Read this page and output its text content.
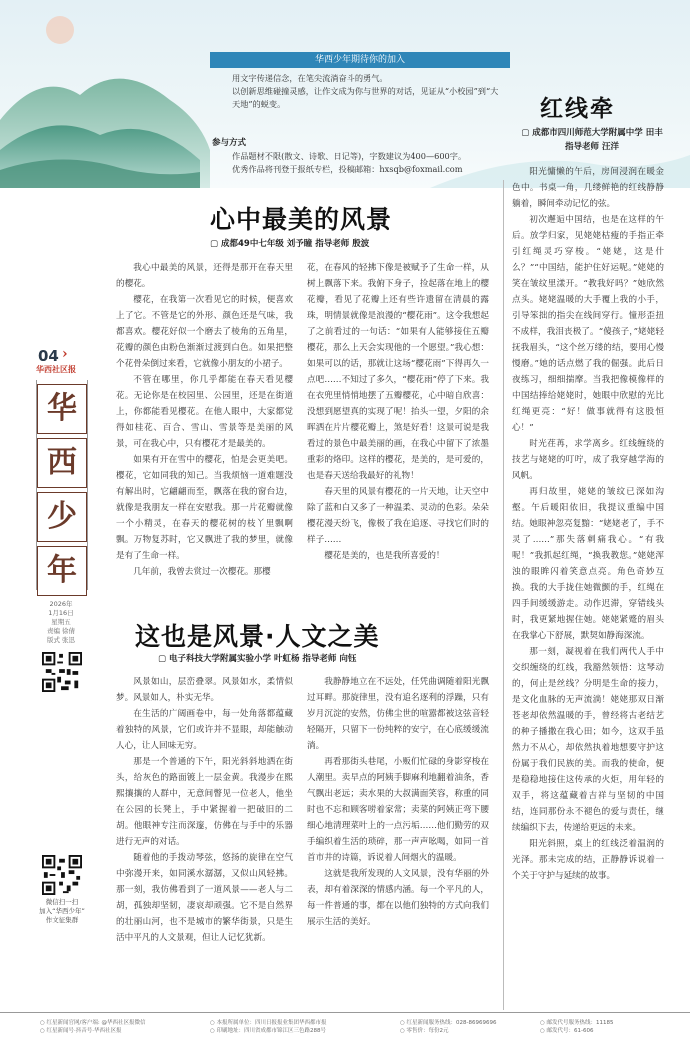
华西少年期待你的加入

用文字传递信念，在笔尖流淌奋斗的勇气。

以创新思维碰撞灵感，让作文成为你与世界的对话，见证从“小校园”到“大天地”的蜕变。

参与方式

作品题材不限(散文、诗歌、日记等)，字数建议为400—600字。

优秀作品将刊登于报纸专栏，投稿邮箱：hxsqb@foxmail.com

红线牵
▢ 成都市四川师范大学附属中学 田丰
指导老师 汪洋
04 ›
华西社区报
华
西
少
年
2026年
1月16日
星期五
责编 徐倩
版式 张迅
微信扫一扫
加入“华西少年”
作文征集群
心中最美的风景
▢ 成都49中七年级 刘予瞳 指导老师 殷波

我心中最美的风景，还得是那开在春天里的樱花。

樱花，在我第一次看见它的时候，便喜欢上了它。不管是它的外形、颜色还是气味，我都喜欢。樱花好似一个磨去了棱角的五角星，花瓣的颜色由粉色渐渐过渡到白色。如果把整个花骨朵倒过来看，它就像小朋友的小裙子。

不管在哪里，你几乎都能在春天看见樱花。无论你是在校园里、公园里，还是在街道上，你都能看见樱花。在他人眼中，大家都觉得如桂花、百合、雪山、雪景等是美丽的风景，可在我心中，只有樱花才是最美的。

如果有开在雪中的樱花，怕是会更美吧。樱花，它如同我的知己。当我烦恼一道难题没有解出时，它翩翩而至，飘落在我的窗台边，就像是我朋友一样在安慰我。那一片花瓣就像一个小精灵，在春天的樱花树的枝丫里飘啊飘。万物复苏时，它又飘进了我的梦里，就像是有了生命一样。

几年前，我曾去赏过一次樱花。那樱

花，在春风的轻拂下像是被赋予了生命一样，从树上飘落下来。我俯下身子，捡起落在地上的樱花瓣，看见了花瓣上还有些许遗留在清晨的露珠，明情景就像是浪漫的“樱花雨”。这令我想起了之前看过的一句话：“如果有人能够接住五瓣樱花，那么上天会实现他的一个愿望。”我心想：如果可以的话，那就让这场“樱花雨”下得再久一点吧……不知过了多久，“樱花雨”停了下来。我在衣兜里悄悄地摆了五瓣樱花，心中暗自欣喜：没想到愿望真的实现了呢！抬头一望，夕阳的余晖洒在片片樱花瓣上，煞是好看！这景可说是我看过的景色中最美丽的画，在我心中留下了浓墨重彩的烙印。这样的樱花，是美的，是可爱的，也是春天送给我最好的礼物！

春天里的风景有樱花的一片天地，让天空中除了蓝和白又多了一种温柔、灵动的色彩。朵朵樱花漫天纷飞，像极了我在追逐、寻找它们时的样子……

樱花是美的，也是我所喜爱的！

这也是风景·人文之美
▢ 电子科技大学附属实验小学 叶虹杨 指导老师 向钰

风景如山，层峦叠翠。风景如水，柔情似梦。风景如人，朴实无华。

在生活的广阔画卷中，每一处角落都蕴藏着独特的风景，它们或许并不显眼，却能触动人心，让人回味无穷。

那是一个普通的下午，阳光斜斜地洒在街头，给灰色的路面镀上一层金黄。我漫步在熙熙攘攘的人群中，无意间瞥见一位老人，他坐在公园的长凳上，手中紧握着一把破旧的二胡。他眼神专注而深邃，仿佛在与手中的乐器进行无声的对话。

随着他的手拨动琴弦，悠扬的旋律在空气中弥漫开来，如同溪水潺潺，又似山风轻拂。那一刻，我仿佛看到了一道风景——老人与二胡，孤独却坚韧，凄哀却顽强。它不是自然界的壮丽山河，也不是城市的繁华街景，只是生活中平凡的人文景观，但让人记忆犹新。

我静静地立在不远处，任凭曲调随着阳光飘过耳畔。那旋律里，没有追名逐利的浮躁，只有岁月沉淀的安然，仿佛尘世的喧嚣都被这弦音轻轻隔开，只留下一份纯粹的安宁，在心底缓缓流淌。

再看那街头巷尾，小贩们忙碌的身影穿梭在人潮里。卖早点的阿姨手脚麻利地翻着油条，香气飘出老远；卖水果的大叔满面笑容，称重的同时也不忘和顾客唠着家常；卖菜的阿姨正弯下腰细心地清理菜叶上的一点污垢……他们勤劳的双手编织着生活的琐碎，那一声声吆喝，如同一首首市井的诗篇，诉说着人间烟火的温暖。

这就是我所发现的人文风景，没有华丽的外表，却有着深深的情感内涵。每一个平凡的人，每一件普通的事，都在以他们独特的方式向我们展示生活的美好。

阳光慵懒的午后，房间浸润在暖金色中。书桌一角，几缕鲜艳的红线静静躺着，瞬间牵动记忆的弦。

初次邂逅中国结，也是在这样的午后。放学归家，见姥姥枯瘦的手指正牵引红绳灵巧穿梭。“姥姥，这是什么？”“中国结，能护住好运呢。”姥姥的笑在皱纹里漾开。“教我好吗？”她欣然点头。姥姥温暖的大手覆上我的小手，引导笨拙的指尖在线间穿行。憧形歪扭不成样，我泪丧极了。“傻孩子，”姥姥轻抚我眉头，“这个丝万缕的结，要用心慢慢磨。”她的话点燃了我的倔强。此后日夜练习，细细揣摩。当我把像模像样的中国结捧给姥姥时，她眼中欣慰的光比红绳更亮：“好！做事就得有这股恒心！”

时光荏苒，求学离乡。红线缠绕的技艺与姥姥的叮咛，成了我穿越学海的风帆。

再归故里，姥姥的皱纹已深如沟壑。午后暖阳依旧，我提议重编中国结。她眼神忽亮复黯：“姥姥老了，手不灵了……”那失落刺痛我心。“有我呢！”我抓起红绳，“换我教您。”姥姥浑浊的眼眸闪着笑意点亮。角色奇妙互换。我的大手拢住她微颤的手，红绳在四手间缓缓游走。动作迟滞，穿错线头时，我更紧地握住她。姥姥紧蹙的眉头在我掌心下舒展，默契如静海深流。

那一刻，凝视着在我们两代人手中交织缠绕的红线，我豁然领悟：这琴动的，何止是丝线？分明是生命的接力，是文化血脉的无声流淌！姥姥那双日渐苍老却依然温暖的手，曾经将古老结艺的种子播撒在我心田；如今，这双手虽然力不从心，却依然执着地想要守护这份属于我们民族的美。而我的使命，便是稳稳地接住这传承的火炬，用年轻的双手，将这蕴藏着吉祥与坚韧的中国结，连同那份永不褪色的爱与责任，继续编织下去，传递给更远的未来。

阳光斜照，桌上的红线泛着温润的光泽。那未完成的结，正静静诉说着一个关于守护与延续的故事。

○ 红星新闻官网/客户端: @华西社区报微信
○ 红星新闻号·抖音号·华西社区报
○ 本报所属单位：四川日报报业集团华西都市报
○ 印刷地址：四川省成都市锦江区三色路288号
○ 红星新闻服务热线：028-86969696
○ 零售价：每份2元
○ 邮发代号服务热线：11185
○ 邮发代号：61-606
